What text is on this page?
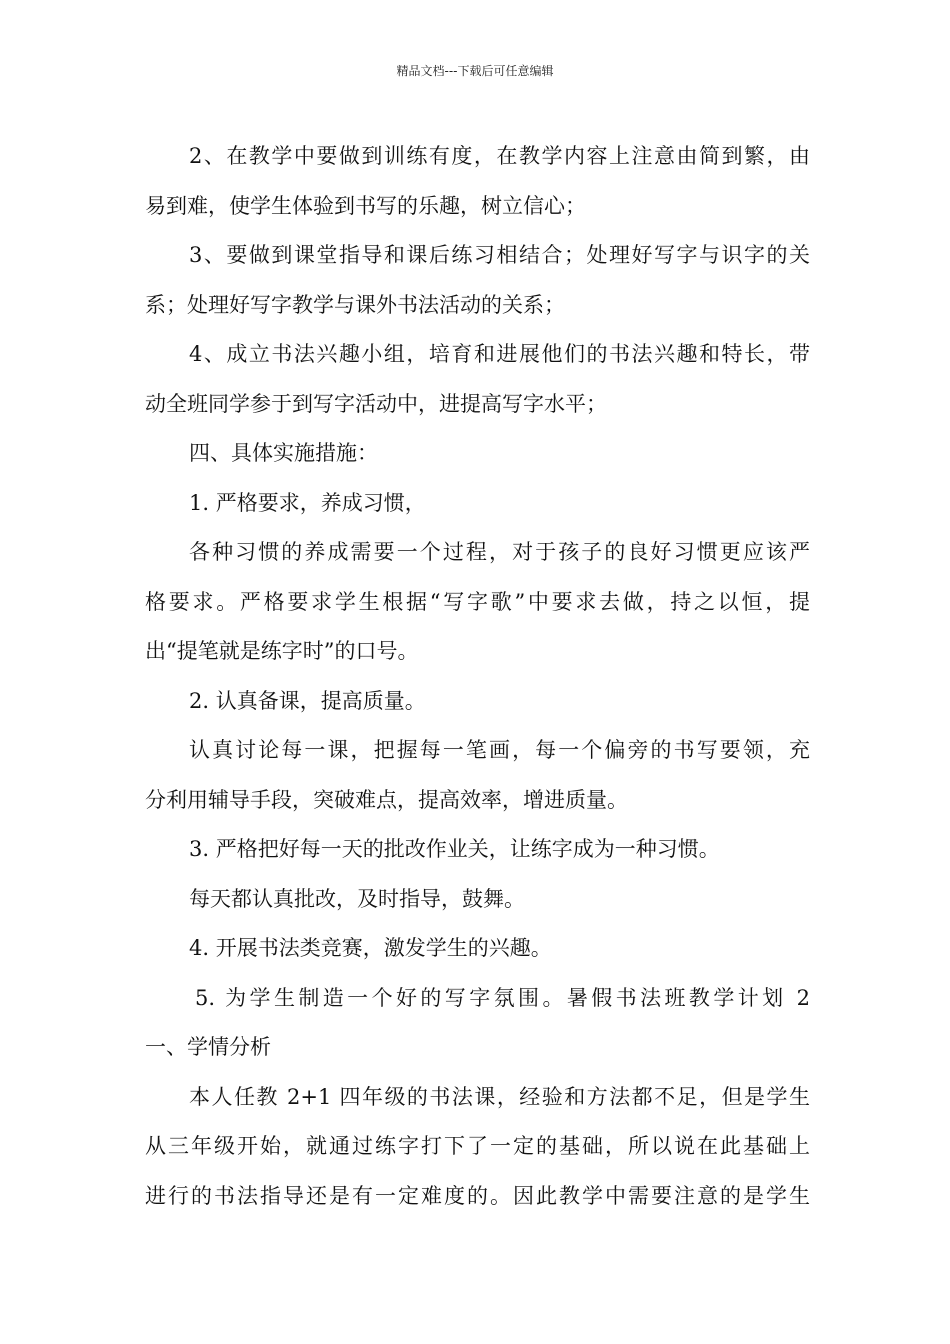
精品文档---下载后可任意编辑
2、在教学中要做到训练有度，在教学内容上注意由简到繁，由
易到难，使学生体验到书写的乐趣，树立信心；
3、要做到课堂指导和课后练习相结合；处理好写字与识字的关
系；处理好写字教学与课外书法活动的关系；
4、成立书法兴趣小组，培育和进展他们的书法兴趣和特长，带
动全班同学参于到写字活动中，进提高写字水平；
四、具体实施措施：
1. 严格要求，养成习惯，
各种习惯的养成需要一个过程，对于孩子的良好习惯更应该严
格要求。严格要求学生根据“写字歌”中要求去做，持之以恒，提
出“提笔就是练字时”的口号。
2. 认真备课，提高质量。
认真讨论每一课，把握每一笔画，每一个偏旁的书写要领，充
分利用辅导手段，突破难点，提高效率，增进质量。
3. 严格把好每一天的批改作业关，让练字成为一种习惯。
每天都认真批改，及时指导，鼓舞。
4. 开展书法类竞赛，激发学生的兴趣。
5. 为学生制造一个好的写字氛围。暑假书法班教学计划 2
一、学情分析
本人任教 2+1 四年级的书法课，经验和方法都不足，但是学生
从三年级开始，就通过练字打下了一定的基础，所以说在此基础上
进行的书法指导还是有一定难度的。因此教学中需要注意的是学生
